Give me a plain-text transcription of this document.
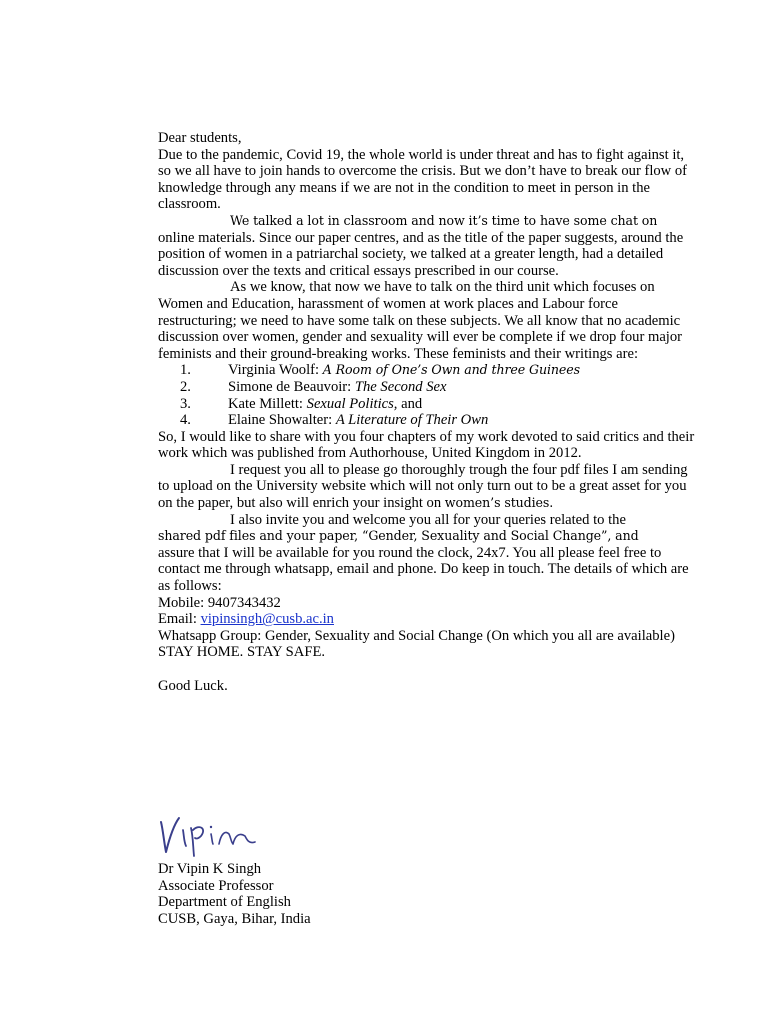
Dear students,

Due to the pandemic, Covid 19, the whole world is under threat and has to fight against it, so we all have to join hands to overcome the crisis. But we don’t have to break our flow of knowledge through any means if we are not in the condition to meet in person in the classroom.

We talked a lot in classroom and now it’s time to have some chat on

online materials. Since our paper centres, and as the title of the paper suggests, around the position of women in a patriarchal society, we talked at a greater length, had a detailed discussion over the texts and critical essays prescribed in our course.

As we know, that now we have to talk on the third unit which focuses on Women and Education, harassment of women at work places and Labour force restructuring; we need to have some talk on these subjects. We all know that no academic discussion over women, gender and sexuality will ever be complete if we drop four major feminists and their ground-breaking works. These feminists and their writings are:

1.	Virginia Woolf: A Room of One’s Own and three Guinees
2.	Simone de Beauvoir: The Second Sex
3.	Kate Millett: Sexual Politics, and
4.	Elaine Showalter: A Literature of Their Own

So, I would like to share with you four chapters of my work devoted to said critics and their work which was published from Authorhouse, United Kingdom in 2012.

I request you all to please go thoroughly trough the four pdf files I am sending to upload on the University website which will not only turn out to be a great asset for you on the paper, but also will enrich your insight on women’s studies.

I also invite you and welcome you all for your queries related to the

shared pdf files and your paper, “Gender, Sexuality and Social Change”, and

assure that I will be available for you round the clock, 24x7. You all please feel free to contact me through whatsapp, email and phone. Do keep in touch. The details of which are as follows:

Mobile: 9407343432

Email: vipinsingh@cusb.ac.in

Whatsapp Group: Gender, Sexuality and Social Change (On which you all are available)

STAY HOME. STAY SAFE.

Good Luck.

Dr Vipin K Singh

Associate Professor

Department of English

CUSB, Gaya, Bihar, India
